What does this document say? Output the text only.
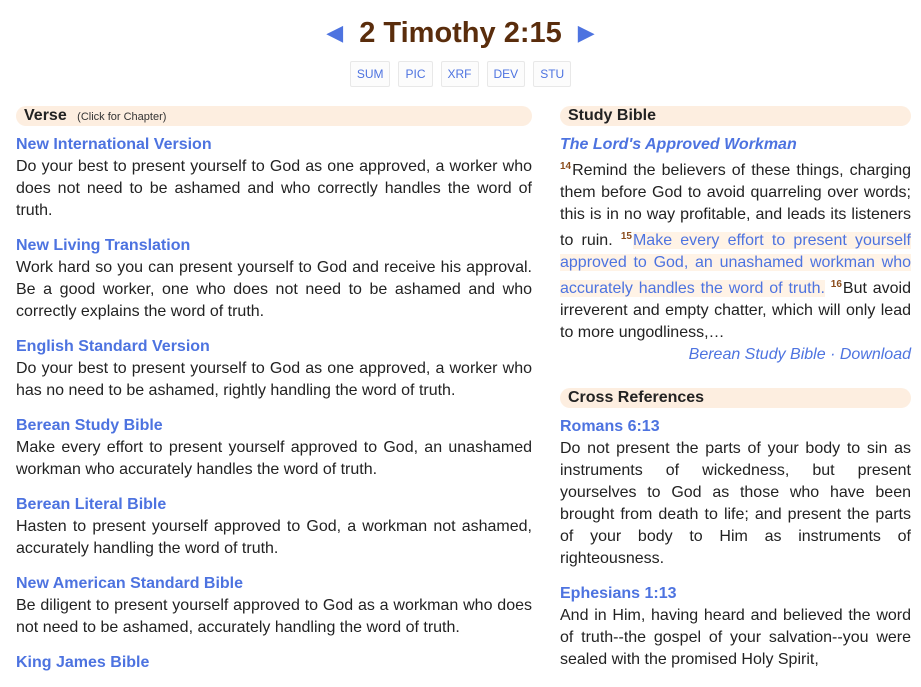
◀ 2 Timothy 2:15 ▶
SUM	PIC	XRF	DEV	STU
Verse (Click for Chapter)
New International Version
Do your best to present yourself to God as one approved, a worker who does not need to be ashamed and who correctly handles the word of truth.
New Living Translation
Work hard so you can present yourself to God and receive his approval. Be a good worker, one who does not need to be ashamed and who correctly explains the word of truth.
English Standard Version
Do your best to present yourself to God as one approved, a worker who has no need to be ashamed, rightly handling the word of truth.
Berean Study Bible
Make every effort to present yourself approved to God, an unashamed workman who accurately handles the word of truth.
Berean Literal Bible
Hasten to present yourself approved to God, a workman not ashamed, accurately handling the word of truth.
New American Standard Bible
Be diligent to present yourself approved to God as a workman who does not need to be ashamed, accurately handling the word of truth.
King James Bible
Study Bible
The Lord's Approved Workman
$^{14}$Remind the believers of these things, charging them before God to avoid quarreling over words; this is in no way profitable, and leads its listeners to ruin. $^{15}$Make every effort to present yourself approved to God, an unashamed workman who accurately handles the word of truth. $^{16}$But avoid irreverent and empty chatter, which will only lead to more ungodliness,…
Berean Study Bible · Download
Cross References
Romans 6:13
Do not present the parts of your body to sin as instruments of wickedness, but present yourselves to God as those who have been brought from death to life; and present the parts of your body to Him as instruments of righteousness.
Ephesians 1:13
And in Him, having heard and believed the word of truth--the gospel of your salvation--you were sealed with the promised Holy Spirit,
